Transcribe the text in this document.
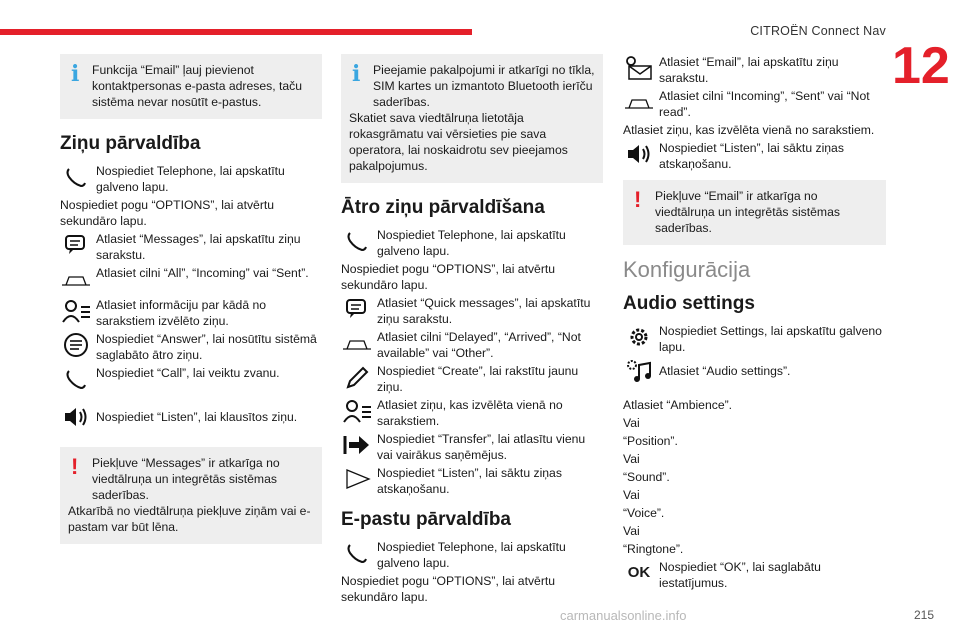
CITROËN Connect Nav
12
i	Funkcija “Email” ļauj pievienot kontaktpersonas e-pasta adreses, taču sistēma nevar nosūtīt e-pastus.
Ziņu pārvaldība
Nospiediet Telephone, lai apskatītu galveno lapu.
Nospiediet pogu “OPTIONS”, lai atvērtu sekundāro lapu.
Atlasiet “Messages”, lai apskatītu ziņu sarakstu.
Atlasiet cilni “All”, “Incoming” vai “Sent”.
Atlasiet informāciju par kādā no sarakstiem izvēlēto ziņu.
Nospiediet “Answer”, lai nosūtītu sistēmā saglabāto ātro ziņu.
Nospiediet “Call”, lai veiktu zvanu.
Nospiediet “Listen”, lai klausītos ziņu.
!	Piekļuve “Messages” ir atkarīga no viedtālruņa un integrētās sistēmas saderības.
Atkarībā no viedtālruņa piekļuve ziņām vai e-pastam var būt lēna.
i	Pieejamie pakalpojumi ir atkarīgi no tīkla, SIM kartes un izmantoto Bluetooth ierīču saderības.
Skatiet sava viedtālruņa lietotāja rokasgrāmatu vai vērsieties pie sava operatora, lai noskaidrotu sev pieejamos pakalpojumus.
Ātro ziņu pārvaldīšana
Nospiediet Telephone, lai apskatītu galveno lapu.
Nospiediet pogu “OPTIONS”, lai atvērtu sekundāro lapu.
Atlasiet “Quick messages”, lai apskatītu ziņu sarakstu.
Atlasiet cilni “Delayed”, “Arrived”, “Not available” vai “Other”.
Nospiediet “Create”, lai rakstītu jaunu ziņu.
Atlasiet ziņu, kas izvēlēta vienā no sarakstiem.
Nospiediet “Transfer”, lai atlasītu vienu vai vairākus saņēmējus.
Nospiediet “Listen”, lai sāktu ziņas atskaņošanu.
E-pastu pārvaldība
Nospiediet Telephone, lai apskatītu galveno lapu.
Nospiediet pogu “OPTIONS”, lai atvērtu sekundāro lapu.
Atlasiet “Email”, lai apskatītu ziņu sarakstu.
Atlasiet cilni “Incoming”, “Sent” vai “Not read”.
Atlasiet ziņu, kas izvēlēta vienā no sarakstiem.
Nospiediet “Listen”, lai sāktu ziņas atskaņošanu.
!	Piekļuve “Email” ir atkarīga no viedtālruņa un integrētās sistēmas saderības.
Konfigurācija
Audio settings
Nospiediet Settings, lai apskatītu galveno lapu.
Atlasiet “Audio settings”.
Atlasiet “Ambience”.
Vai
“Position”.
Vai
“Sound”.
Vai
“Voice”.
Vai
“Ringtone”.
OK Nospiediet “OK”, lai saglabātu iestatījumus.
carmanualsonline.info	215
